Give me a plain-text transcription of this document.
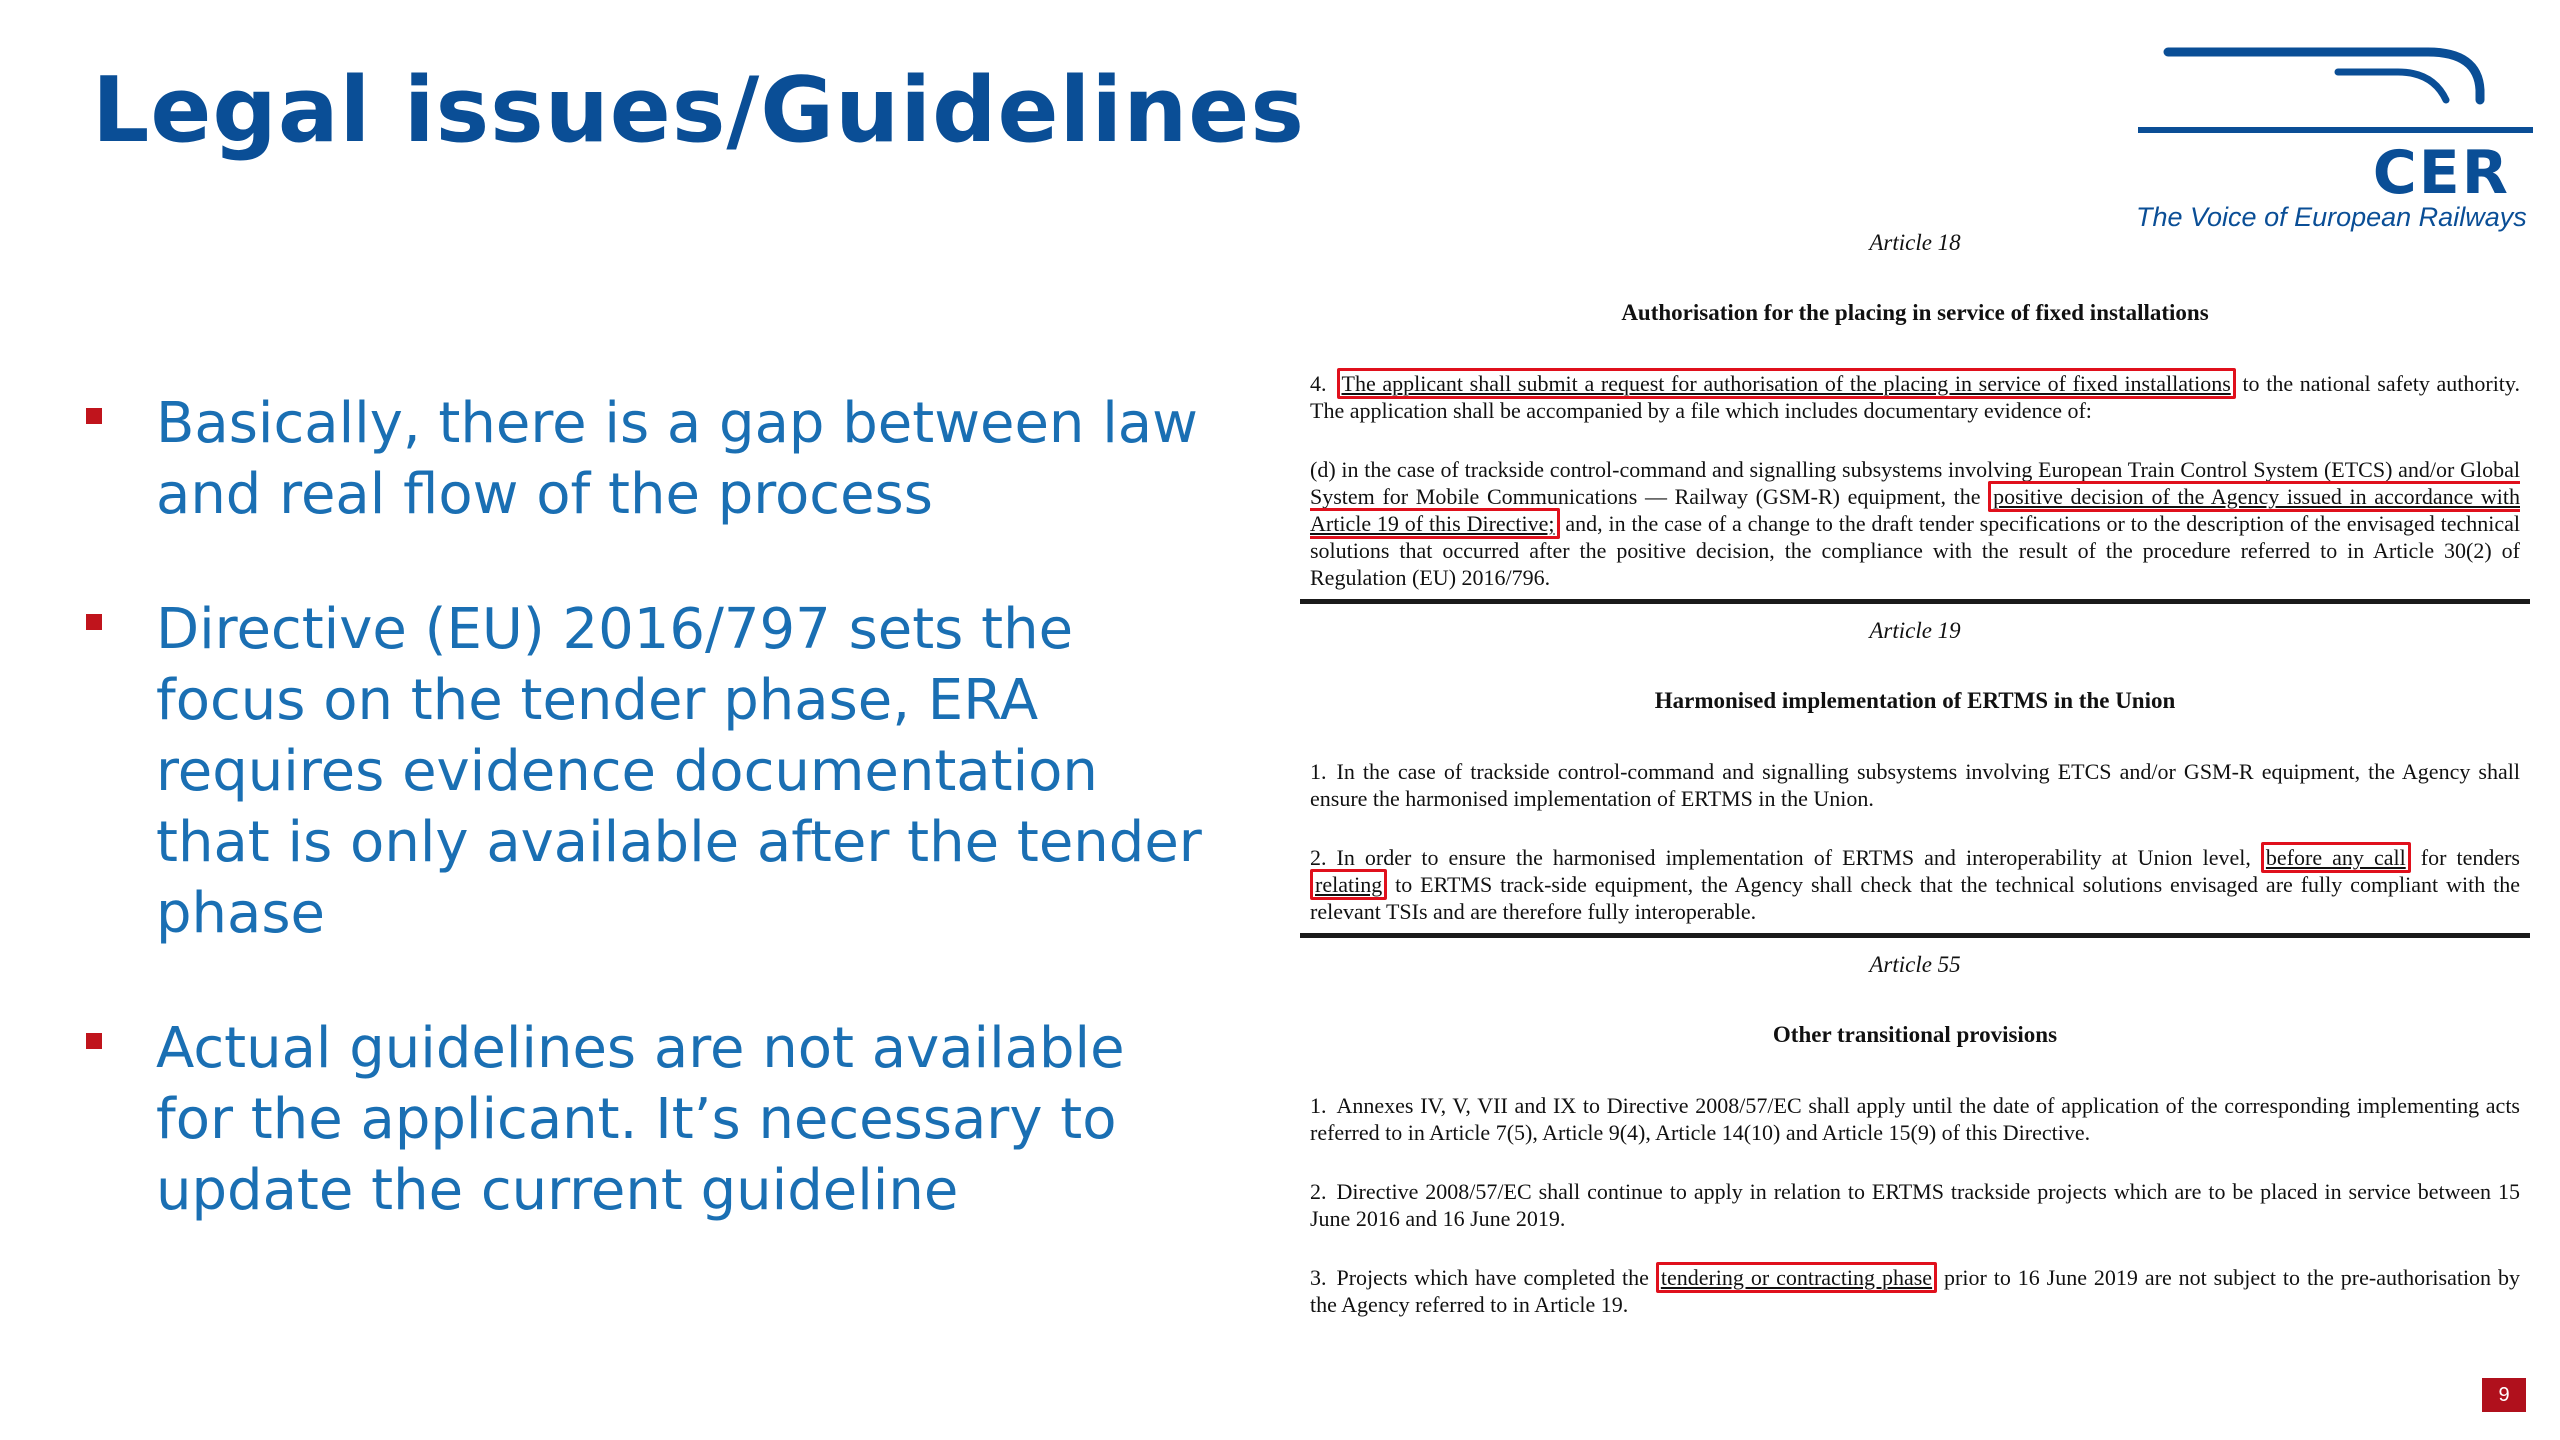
Legal issues/Guidelines
CER
The Voice of European Railways
Basically, there is a gap between law and real flow of the process
Directive (EU) 2016/797 sets the focus on the tender phase, ERA requires evidence documentation that is only available after the tender phase
Actual guidelines are not available for the applicant. It’s necessary to update the current guideline
Article 18
Authorisation for the placing in service of fixed installations
4. The applicant shall submit a request for authorisation of the placing in service of fixed installations to the national safety authority. The application shall be accompanied by a file which includes documentary evidence of:
(d) in the case of trackside control-command and signalling subsystems involving European Train Control System (ETCS) and/or Global System for Mobile Communications — Railway (GSM-R) equipment, the positive decision of the Agency issued in accordance with Article 19 of this Directive; and, in the case of a change to the draft tender specifications or to the description of the envisaged technical solutions that occurred after the positive decision, the compliance with the result of the procedure referred to in Article 30(2) of Regulation (EU) 2016/796.
Article 19
Harmonised implementation of ERTMS in the Union
1. In the case of trackside control-command and signalling subsystems involving ETCS and/or GSM-R equipment, the Agency shall ensure the harmonised implementation of ERTMS in the Union.
2. In order to ensure the harmonised implementation of ERTMS and interoperability at Union level, before any call for tenders relating to ERTMS track-side equipment, the Agency shall check that the technical solutions envisaged are fully compliant with the relevant TSIs and are therefore fully interoperable.
Article 55
Other transitional provisions
1. Annexes IV, V, VII and IX to Directive 2008/57/EC shall apply until the date of application of the corresponding implementing acts referred to in Article 7(5), Article 9(4), Article 14(10) and Article 15(9) of this Directive.
2. Directive 2008/57/EC shall continue to apply in relation to ERTMS trackside projects which are to be placed in service between 15 June 2016 and 16 June 2019.
3. Projects which have completed the tendering or contracting phase prior to 16 June 2019 are not subject to the pre-authorisation by the Agency referred to in Article 19.
9
